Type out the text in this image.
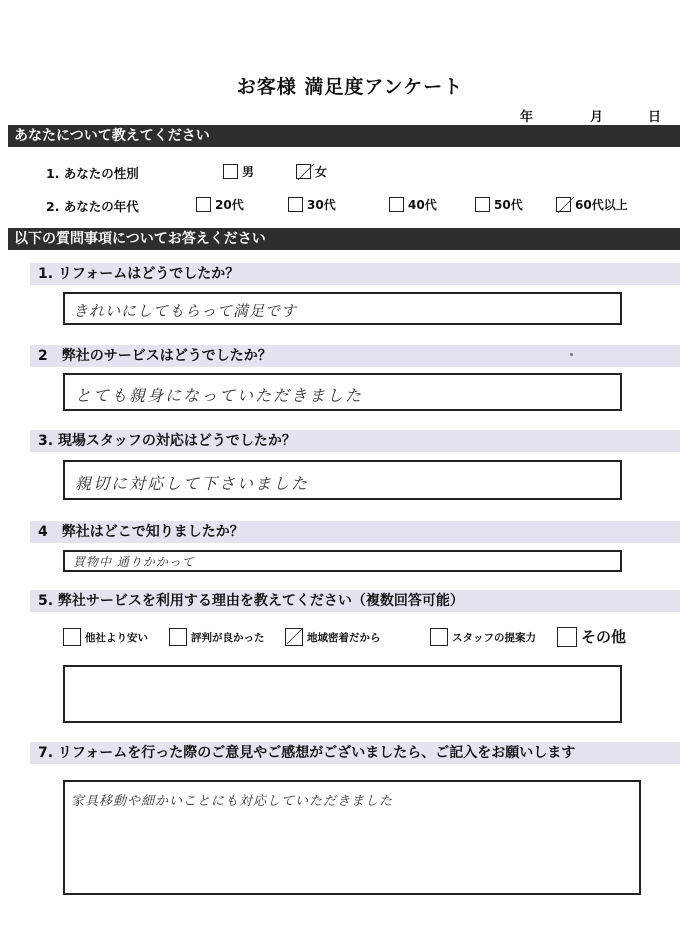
お客様 満足度アンケート
年	月	日
あなたについて教えてください
1. あなたの性別	男 ／ 女
2. あなたの年代	20代	30代	40代	50代 ／ 60代以上
以下の質問事項についてお答えください
1. リフォームはどうでしたか？
きれいにしてもらって満足です
2　弊社のサービスはどうでしたか？
とても親身になっていただきました
3. 現場スタッフの対応はどうでしたか？
親切に対応して下さいました
4　弊社はどこで知りましたか？
買物中 通りかかって
5. 弊社サービスを利用する理由を教えてください（複数回答可能）
他社より安い	評判が良かった ／ 地域密着だから	スタッフの提案力	その他
7. リフォームを行った際のご意見やご感想がございましたら、ご記入をお願いします
家具移動や細かいことにも対応していただきました
